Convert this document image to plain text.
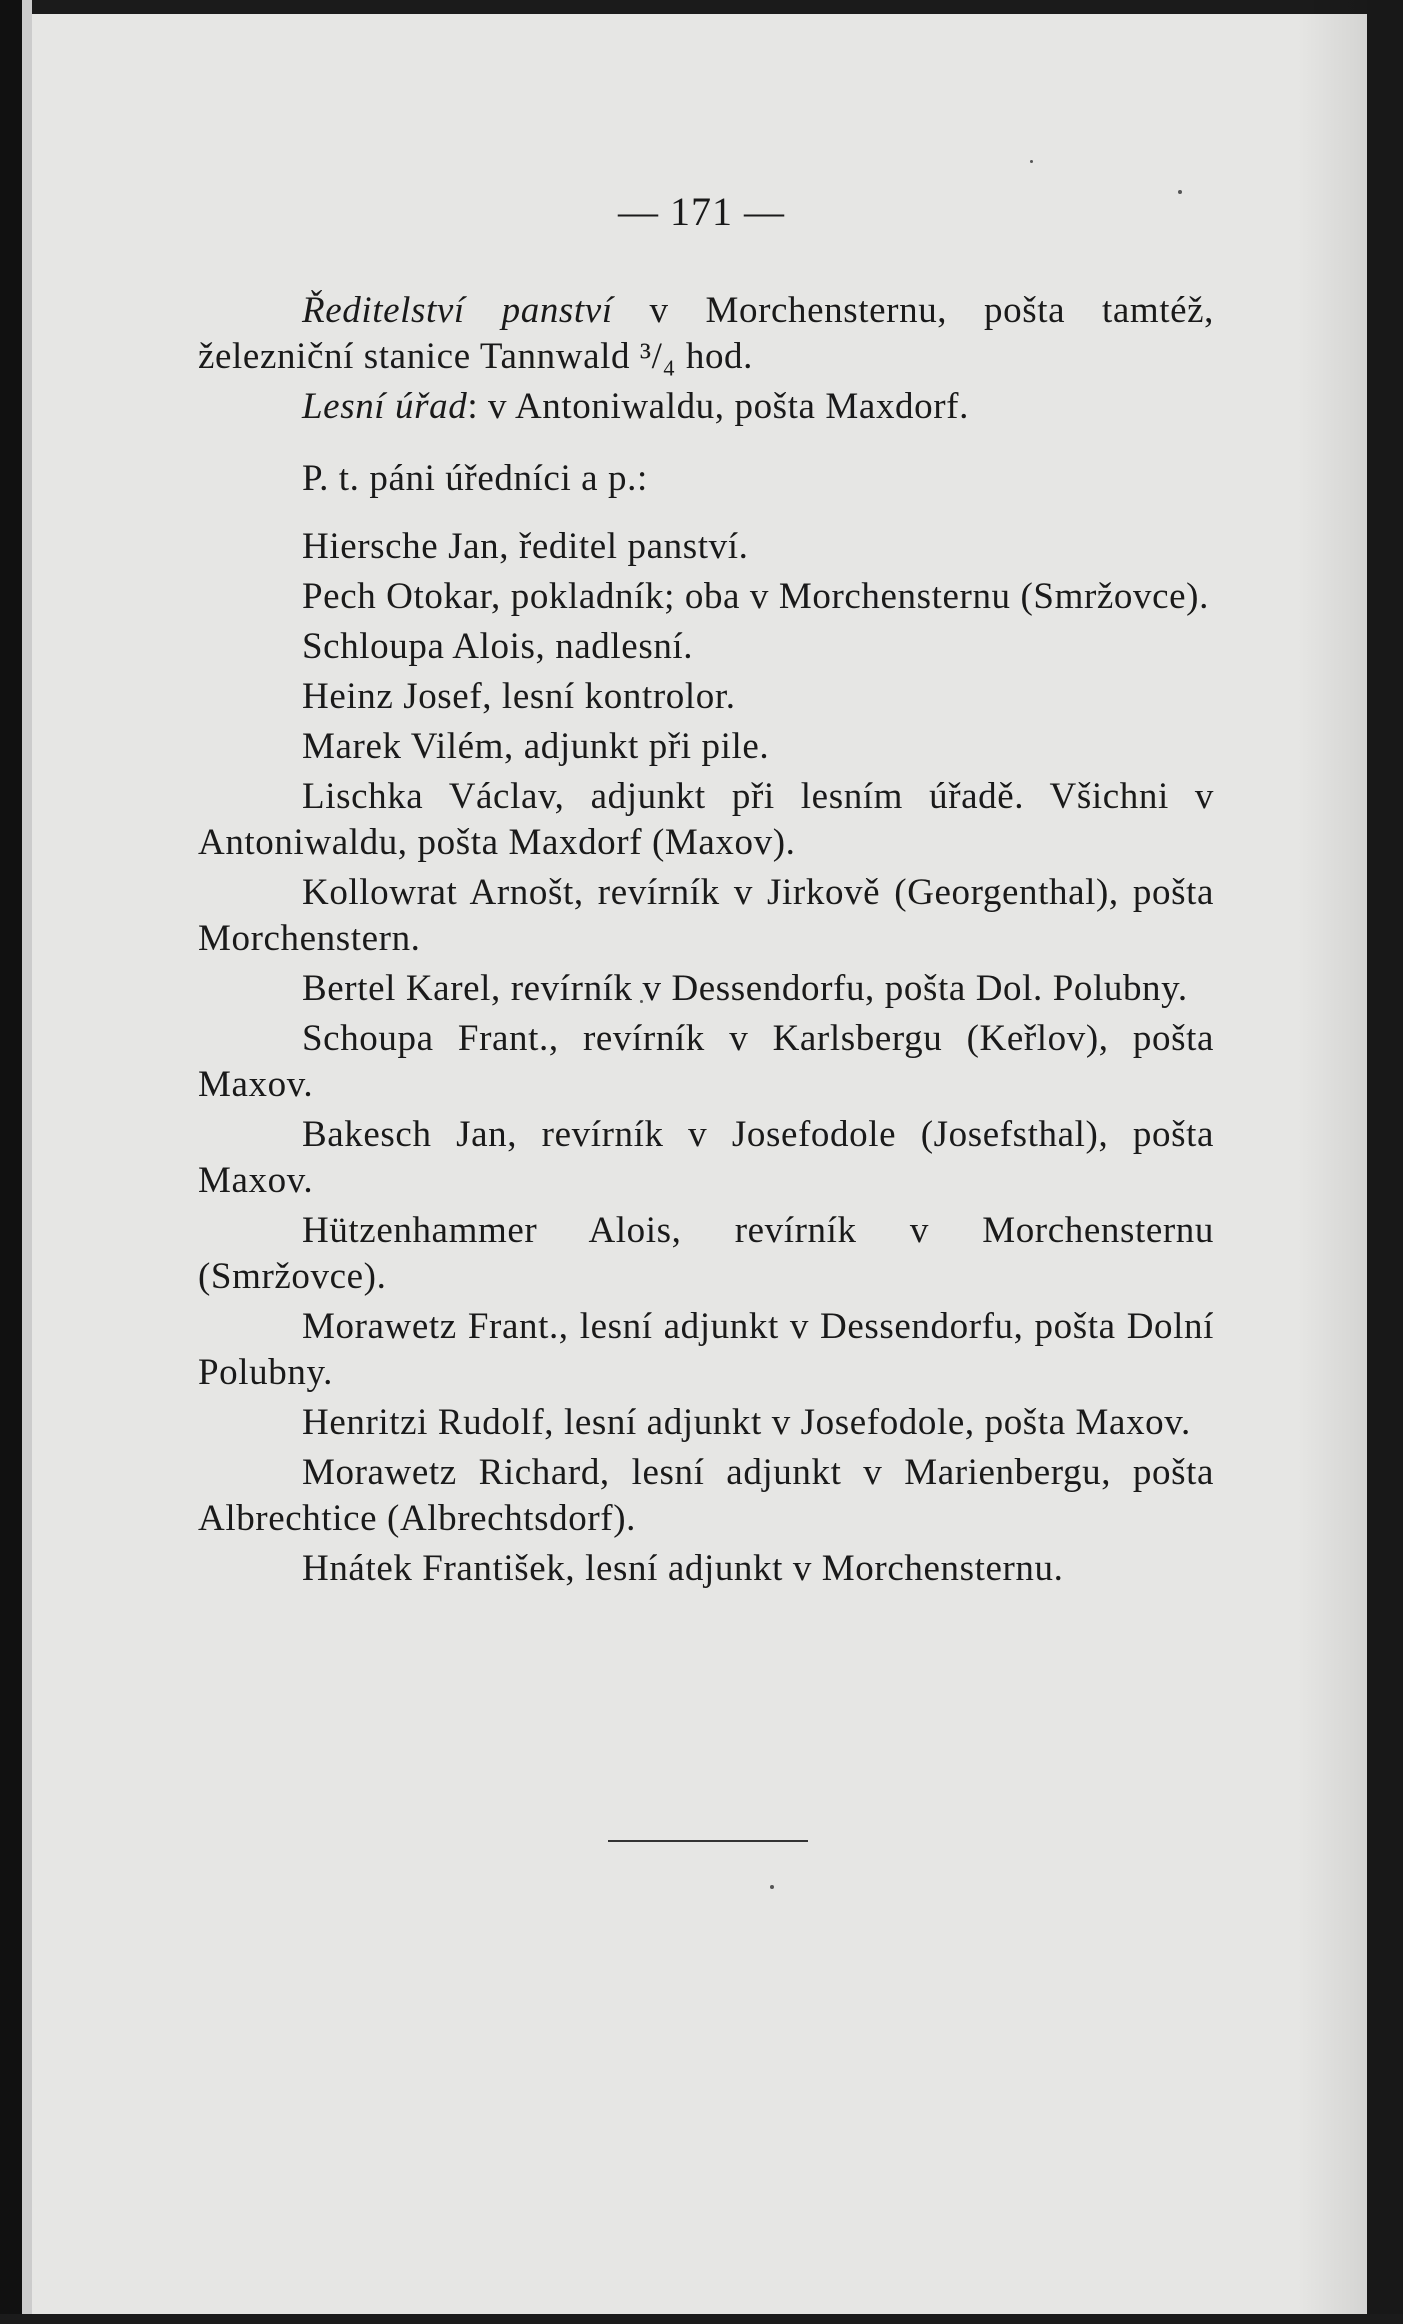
— 171 —

Ředitelství panství v Morchensternu, pošta tamtéž, železniční stanice Tannwald ³/₄ hod.

Lesní úřad: v Antoniwaldu, pošta Maxdorf.

P. t. páni úředníci a p.:

Hiersche Jan, ředitel panství.

Pech Otokar, pokladník; oba v Morchensternu (Smržovce).

Schloupa Alois, nadlesní.

Heinz Josef, lesní kontrolor.

Marek Vilém, adjunkt při pile.

Lischka Václav, adjunkt při lesním úřadě. Všichni v Antoniwaldu, pošta Maxdorf (Maxov).

Kollowrat Arnošt, revírník v Jirkově (Georgenthal), pošta Morchenstern.

Bertel Karel, revírník v Dessendorfu, pošta Dol. Polubny.

Schoupa Frant., revírník v Karlsbergu (Keřlov), pošta Maxov.

Bakesch Jan, revírník v Josefodole (Josefsthal), pošta Maxov.

Hützenhammer Alois, revírník v Morchensternu (Smržovce).

Morawetz Frant., lesní adjunkt v Dessendorfu, pošta Dolní Polubny.

Henritzi Rudolf, lesní adjunkt v Josefodole, pošta Maxov.

Morawetz Richard, lesní adjunkt v Marienbergu, pošta Albrechtice (Albrechtsdorf).

Hnátek František, lesní adjunkt v Morchensternu.
